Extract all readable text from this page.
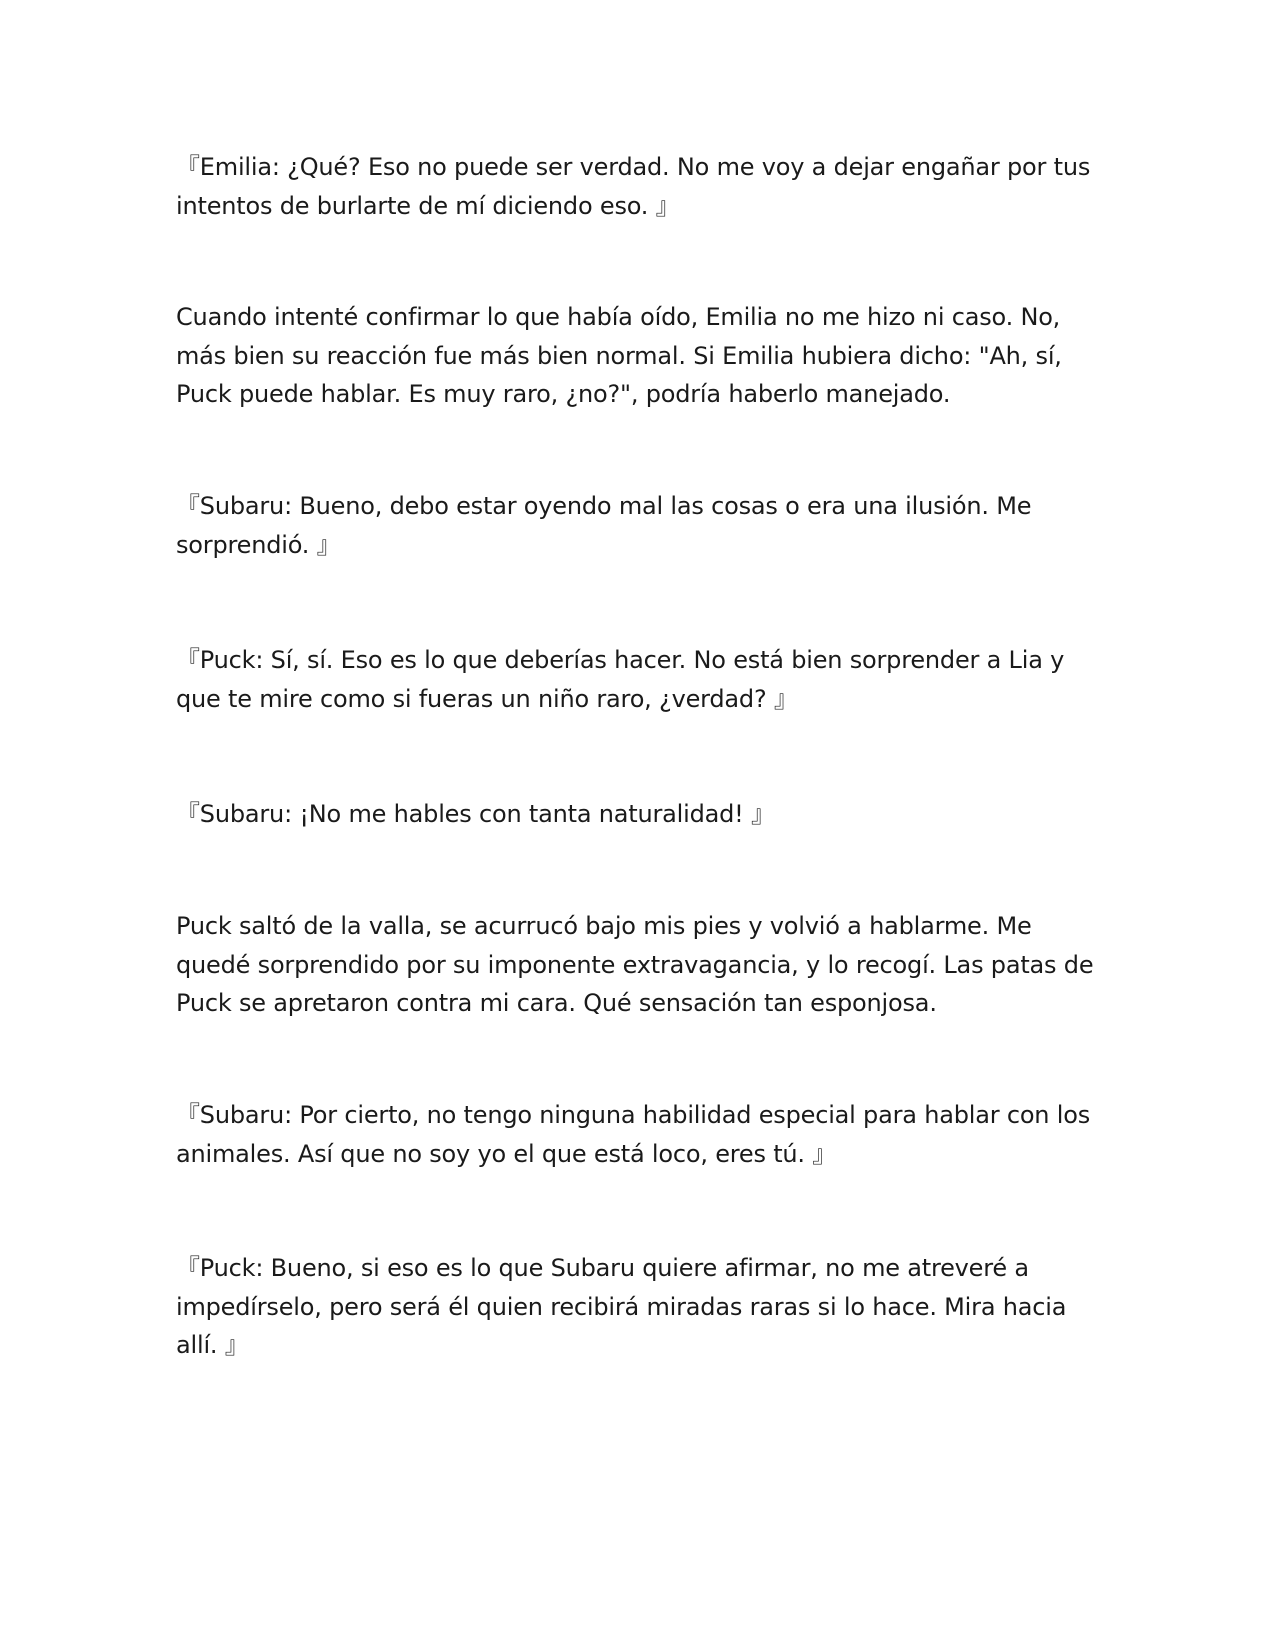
『Emilia: ¿Qué? Eso no puede ser verdad. No me voy a dejar engañar por tus intentos de burlarte de mí diciendo eso. 』

Cuando intenté confirmar lo que había oído, Emilia no me hizo ni caso. No, más bien su reacción fue más bien normal. Si Emilia hubiera dicho: "Ah, sí, Puck puede hablar. Es muy raro, ¿no?", podría haberlo manejado.

『Subaru: Bueno, debo estar oyendo mal las cosas o era una ilusión. Me sorprendió. 』

『Puck: Sí, sí. Eso es lo que deberías hacer. No está bien sorprender a Lia y que te mire como si fueras un niño raro, ¿verdad? 』

『Subaru: ¡No me hables con tanta naturalidad! 』

Puck saltó de la valla, se acurrucó bajo mis pies y volvió a hablarme. Me quedé sorprendido por su imponente extravagancia, y lo recogí. Las patas de Puck se apretaron contra mi cara. Qué sensación tan esponjosa.

『Subaru: Por cierto, no tengo ninguna habilidad especial para hablar con los animales. Así que no soy yo el que está loco, eres tú. 』

『Puck: Bueno, si eso es lo que Subaru quiere afirmar, no me atreveré a impedírselo, pero será él quien recibirá miradas raras si lo hace. Mira hacia allí. 』
